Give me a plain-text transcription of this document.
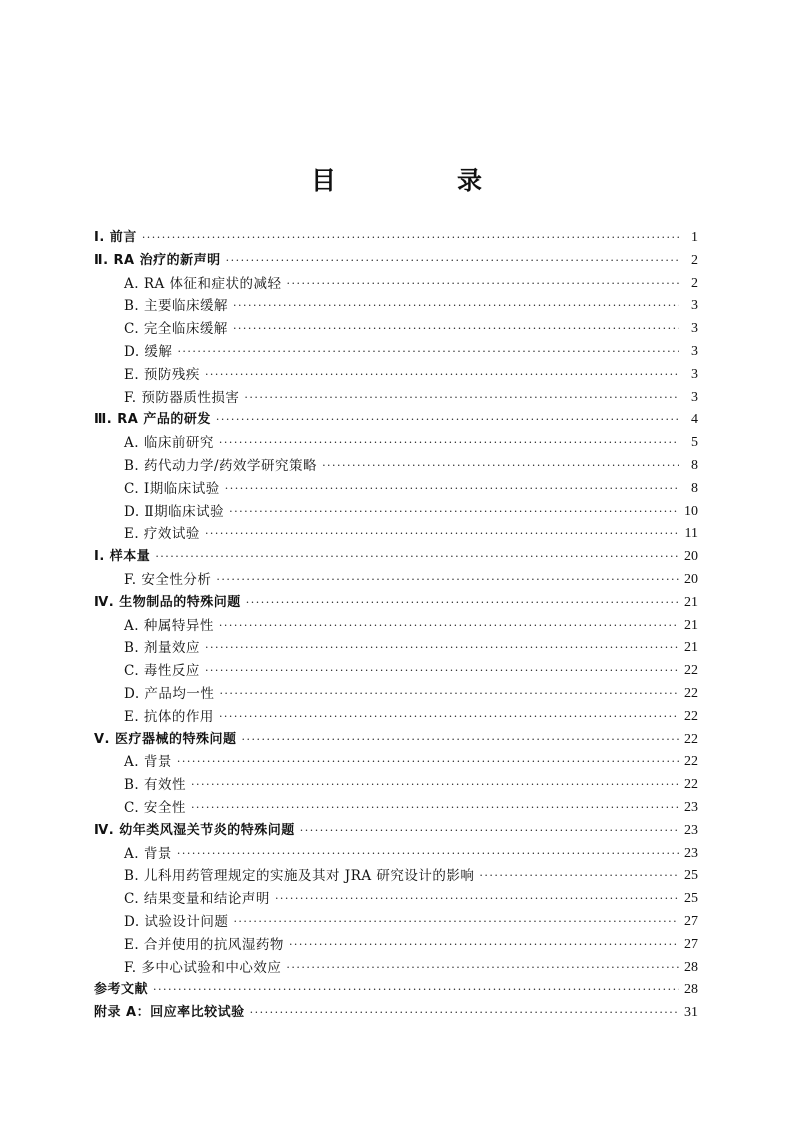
目　录
Ⅰ. 前言 ·····	1
Ⅱ. RA 治疗的新声明 ·····	2
A. RA 体征和症状的减轻 ·····	2
B. 主要临床缓解 ·····	3
C. 完全临床缓解 ·····	3
D. 缓解 ·····	3
E. 预防残疾 ·····	3
F. 预防器质性损害 ·····	3
Ⅲ. RA 产品的研发 ·····	4
A. 临床前研究 ·····	5
B. 药代动力学/药效学研究策略 ·····	8
C. Ⅰ期临床试验 ·····	8
D. Ⅱ期临床试验 ·····	10
E. 疗效试验 ·····	11
Ⅰ. 样本量 ·····	20
F. 安全性分析 ·····	20
Ⅳ. 生物制品的特殊问题 ·····	21
A. 种属特异性 ·····	21
B. 剂量效应 ·····	21
C. 毒性反应 ·····	22
D. 产品均一性 ·····	22
E. 抗体的作用 ·····	22
Ⅴ. 医疗器械的特殊问题 ·····	22
A. 背景 ·····	22
B. 有效性 ·····	22
C. 安全性 ·····	23
Ⅳ. 幼年类风湿关节炎的特殊问题 ·····	23
A. 背景 ·····	23
B. 儿科用药管理规定的实施及其对 JRA 研究设计的影响 ·····	25
C. 结果变量和结论声明 ·····	25
D. 试验设计问题 ·····	27
E. 合并使用的抗风湿药物 ·····	27
F. 多中心试验和中心效应 ·····	28
参考文献 ·····	28
附录 A：回应率比较试验 ·····	31
